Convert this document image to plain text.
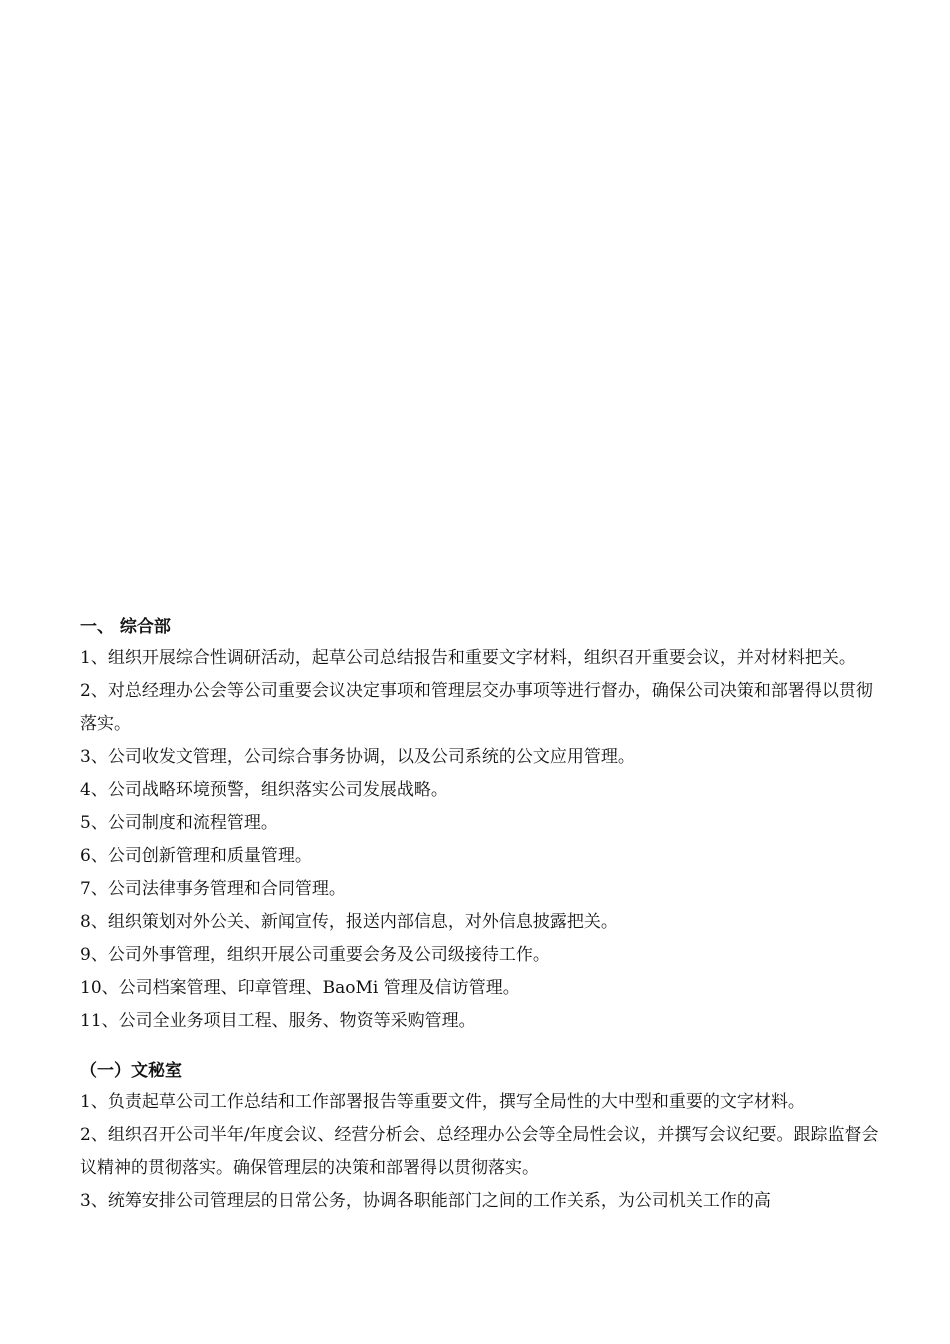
一、 综合部

1、组织开展综合性调研活动，起草公司总结报告和重要文字材料，组织召开重要会议，并对材料把关。

2、对总经理办公会等公司重要会议决定事项和管理层交办事项等进行督办，确保公司决策和部署得以贯彻落实。

3、公司收发文管理，公司综合事务协调，以及公司系统的公文应用管理。

4、公司战略环境预警，组织落实公司发展战略。

5、公司制度和流程管理。

6、公司创新管理和质量管理。

7、公司法律事务管理和合同管理。

8、组织策划对外公关、新闻宣传，报送内部信息，对外信息披露把关。

9、公司外事管理，组织开展公司重要会务及公司级接待工作。

10、公司档案管理、印章管理、BaoMi 管理及信访管理。

11、公司全业务项目工程、服务、物资等采购管理。

（一）文秘室

1、负责起草公司工作总结和工作部署报告等重要文件，撰写全局性的大中型和重要的文字材料。

2、组织召开公司半年/年度会议、经营分析会、总经理办公会等全局性会议，并撰写会议纪要。跟踪监督会议精神的贯彻落实。确保管理层的决策和部署得以贯彻落实。

3、统筹安排公司管理层的日常公务，协调各职能部门之间的工作关系，为公司机关工作的高
